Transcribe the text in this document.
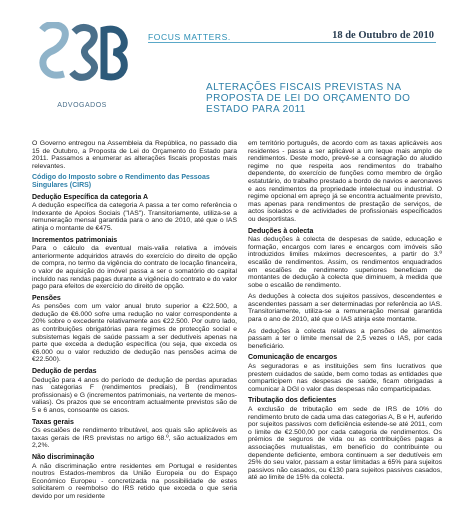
ADVOGADOS
FOCUS MATTERS.	18 de Outubro de 2010
ALTERAÇÕES FISCAIS PREVISTAS NA
PROPOSTA DE LEI DO ORÇAMENTO DO
ESTADO PARA 2011

O Governo entregou na Assembleia da República, no passado dia 15 de Outubro, a Proposta de Lei do Orçamento do Estado para 2011. Passamos a enumerar as alterações fiscais propostas mais relevantes.

Código do Imposto sobre o Rendimento das Pessoas
Singulares (CIRS)
Dedução Específica da categoria A

A dedução específica da categoria A passa a ter como referência o Indexante de Apoios Sociais ("IAS"). Transitoriamente, utiliza-se a remuneração mensal garantida para o ano de 2010, até que o IAS atinja o montante de €475.

Incrementos patrimoniais

Para o cálculo da eventual mais-valia relativa a imóveis anteriormente adquiridos através do exercício do direito de opção de compra, no termo da vigência do contrato de locação financeira, o valor de aquisição do imóvel passa a ser o somatório do capital incluído nas rendas pagas durante a vigência do contrato e do valor pago para efeitos de exercício do direito de opção.

Pensões

As pensões com um valor anual bruto superior a €22.500, a dedução de €6.000 sofre uma redução no valor correspondente a 20% sobre o excedente relativamente aos €22.500. Por outro lado, as contribuições obrigatórias para regimes de protecção social e subsistemas legais de saúde passam a ser dedutíveis apenas na parte que exceda a dedução específica (ou seja, que exceda os €6.000 ou o valor reduzido de dedução nas pensões acima de €22.500).

Dedução de perdas

Dedução para 4 anos do período de dedução de perdas apuradas nas categorias F (rendimentos prediais), B (rendimentos profissionais) e G (incrementos patrimoniais, na vertente de menos-valias). Os prazos que se encontram actualmente previstos são de 5 e 6 anos, consoante os casos.

Taxas gerais

Os escalões de rendimento tributável, aos quais são aplicáveis as taxas gerais de IRS previstas no artigo 68.º, são actualizados em 2,2%.

Não discriminação

A não discriminação entre residentes em Portugal e residentes noutros Estados-membros da União Europeia ou do Espaço Económico Europeu - concretizada na possibilidade de estes solicitarem o reembolso do IRS retido que exceda o que seria devido por um residente

em território português, de acordo com as taxas aplicáveis aos residentes - passa a ser aplicável a um leque mais amplo de rendimentos. Deste modo, prevê-se a consagração do aludido regime no que respeita aos rendimentos do trabalho dependente, do exercício de funções como membro de órgão estatutário, do trabalho prestado a bordo de navios e aeronaves e aos rendimentos da propriedade intelectual ou industrial. O regime opcional em apreço já se encontra actualmente previsto, mas apenas para rendimentos de prestação de serviços, de actos isolados e de actividades de profissionais especificados ou desportistas.

Deduções à colecta

Nas deduções à colecta de despesas de saúde, educação e formação, encargos com lares e encargos com imóveis são introduzidos limites máximos decrescentes, a partir do 3.º escalão de rendimentos. Assim, os rendimentos enquadrados em escalões de rendimento superiores beneficiam de montantes de dedução à colecta que diminuem, à medida que sobe o escalão de rendimento.

As deduções à colecta dos sujeitos passivos, descendentes e ascendentes passam a ser determinadas por referência ao IAS. Transitoriamente, utiliza-se a remuneração mensal garantida para o ano de 2010, até que o IAS atinja este montante.

As deduções à colecta relativas a pensões de alimentos passam a ter o limite mensal de 2,5 vezes o IAS, por cada beneficiário.

Comunicação de encargos

As seguradoras e as instituições sem fins lucrativos que prestem cuidados de saúde, bem como todas as entidades que comparticipem nas despesas de saúde, ficam obrigadas a comunicar à DGI o valor das despesas não comparticipadas.

Tributação dos deficientes

A exclusão de tributação em sede de IRS de 10% do rendimento bruto de cada uma das categorias A, B e H, auferido por sujeitos passivos com deficiência estende-se até 2011, com o limite de €2.500,00 por cada categoria de rendimentos. Os prémios de seguros de vida ou as contribuições pagas a associações mutualistas, em benefício do contribuinte ou dependente deficiente, embora continuem a ser dedutíveis em 25% do seu valor, passam a estar limitadas a 65% para sujeitos passivos não casados, ou €130 para sujeitos passivos casados, até ao limite de 15% da colecta.
